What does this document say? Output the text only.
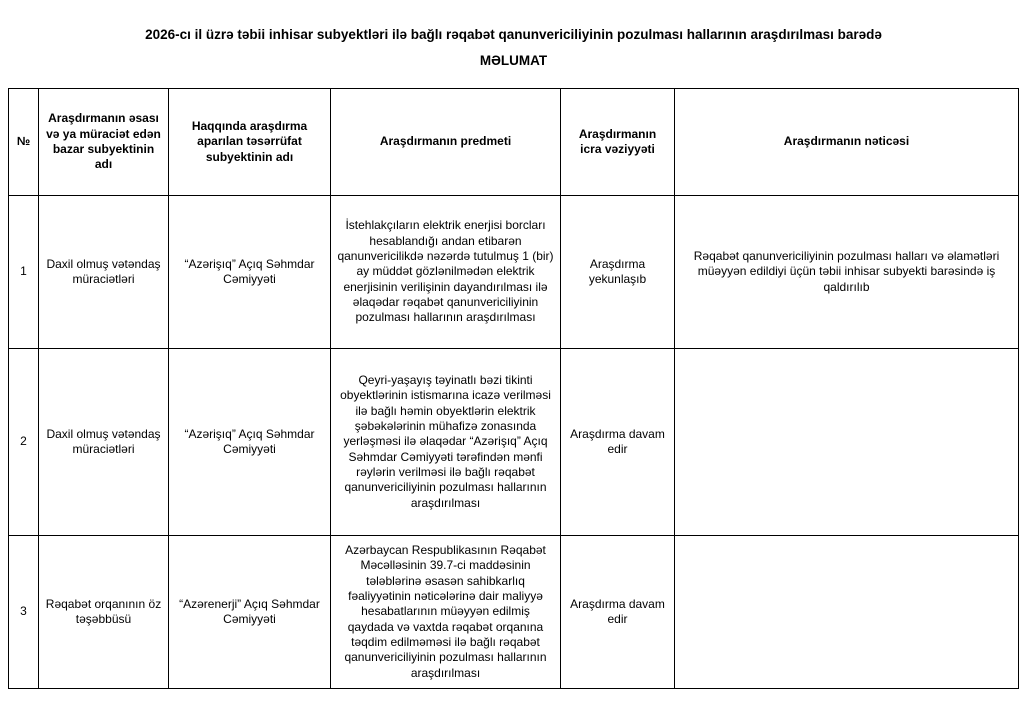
2026-cı il üzrə təbii inhisar subyektləri ilə bağlı rəqabət qanunvericiliyinin pozulması hallarının araşdırılması barədə
MƏLUMAT
№	Araşdırmanın əsası və ya müraciət edən bazar subyektinin adı	Haqqında araşdırma aparılan təsərrüfat subyektinin adı	Araşdırmanın predmeti	Araşdırmanın icra vəziyyəti	Araşdırmanın nəticəsi
1	Daxil olmuş vətəndaş müraciətləri	“Azərişıq” Açıq Səhmdar Cəmiyyəti	İstehlakçıların elektrik enerjisi borcları hesablandığı andan etibarən qanunvericilikdə nəzərdə tutulmuş 1 (bir) ay müddət gözlənilmədən elektrik enerjisinin verilişinin dayandırılması ilə əlaqədar rəqabət qanunvericiliyinin pozulması hallarının araşdırılması	Araşdırma yekunlaşıb	Rəqabət qanunvericiliyinin pozulması halları və əlamətləri müəyyən edildiyi üçün təbii inhisar subyekti barəsində iş qaldırılıb
2	Daxil olmuş vətəndaş müraciətləri	“Azərişıq” Açıq Səhmdar Cəmiyyəti	Qeyri-yaşayış təyinatlı bəzi tikinti obyektlərinin istismarına icazə verilməsi ilə bağlı həmin obyektlərin elektrik şəbəkələrinin mühafizə zonasında yerləşməsi ilə əlaqədar “Azərişıq” Açıq Səhmdar Cəmiyyəti tərəfindən mənfi rəylərin verilməsi ilə bağlı rəqabət qanunvericiliyinin pozulması hallarının araşdırılması	Araşdırma davam edir	
3	Rəqabət orqanının öz təşəbbüsü	“Azərenerji” Açıq Səhmdar Cəmiyyəti	Azərbaycan Respublikasının Rəqabət Məcəlləsinin 39.7-ci maddəsinin tələblərinə əsasən sahibkarlıq fəaliyyətinin nəticələrinə dair maliyyə hesabatlarının müəyyən edilmiş qaydada və vaxtda rəqabət orqanına təqdim edilməməsi ilə bağlı rəqabət qanunvericiliyinin pozulması hallarının araşdırılması	Araşdırma davam edir	
